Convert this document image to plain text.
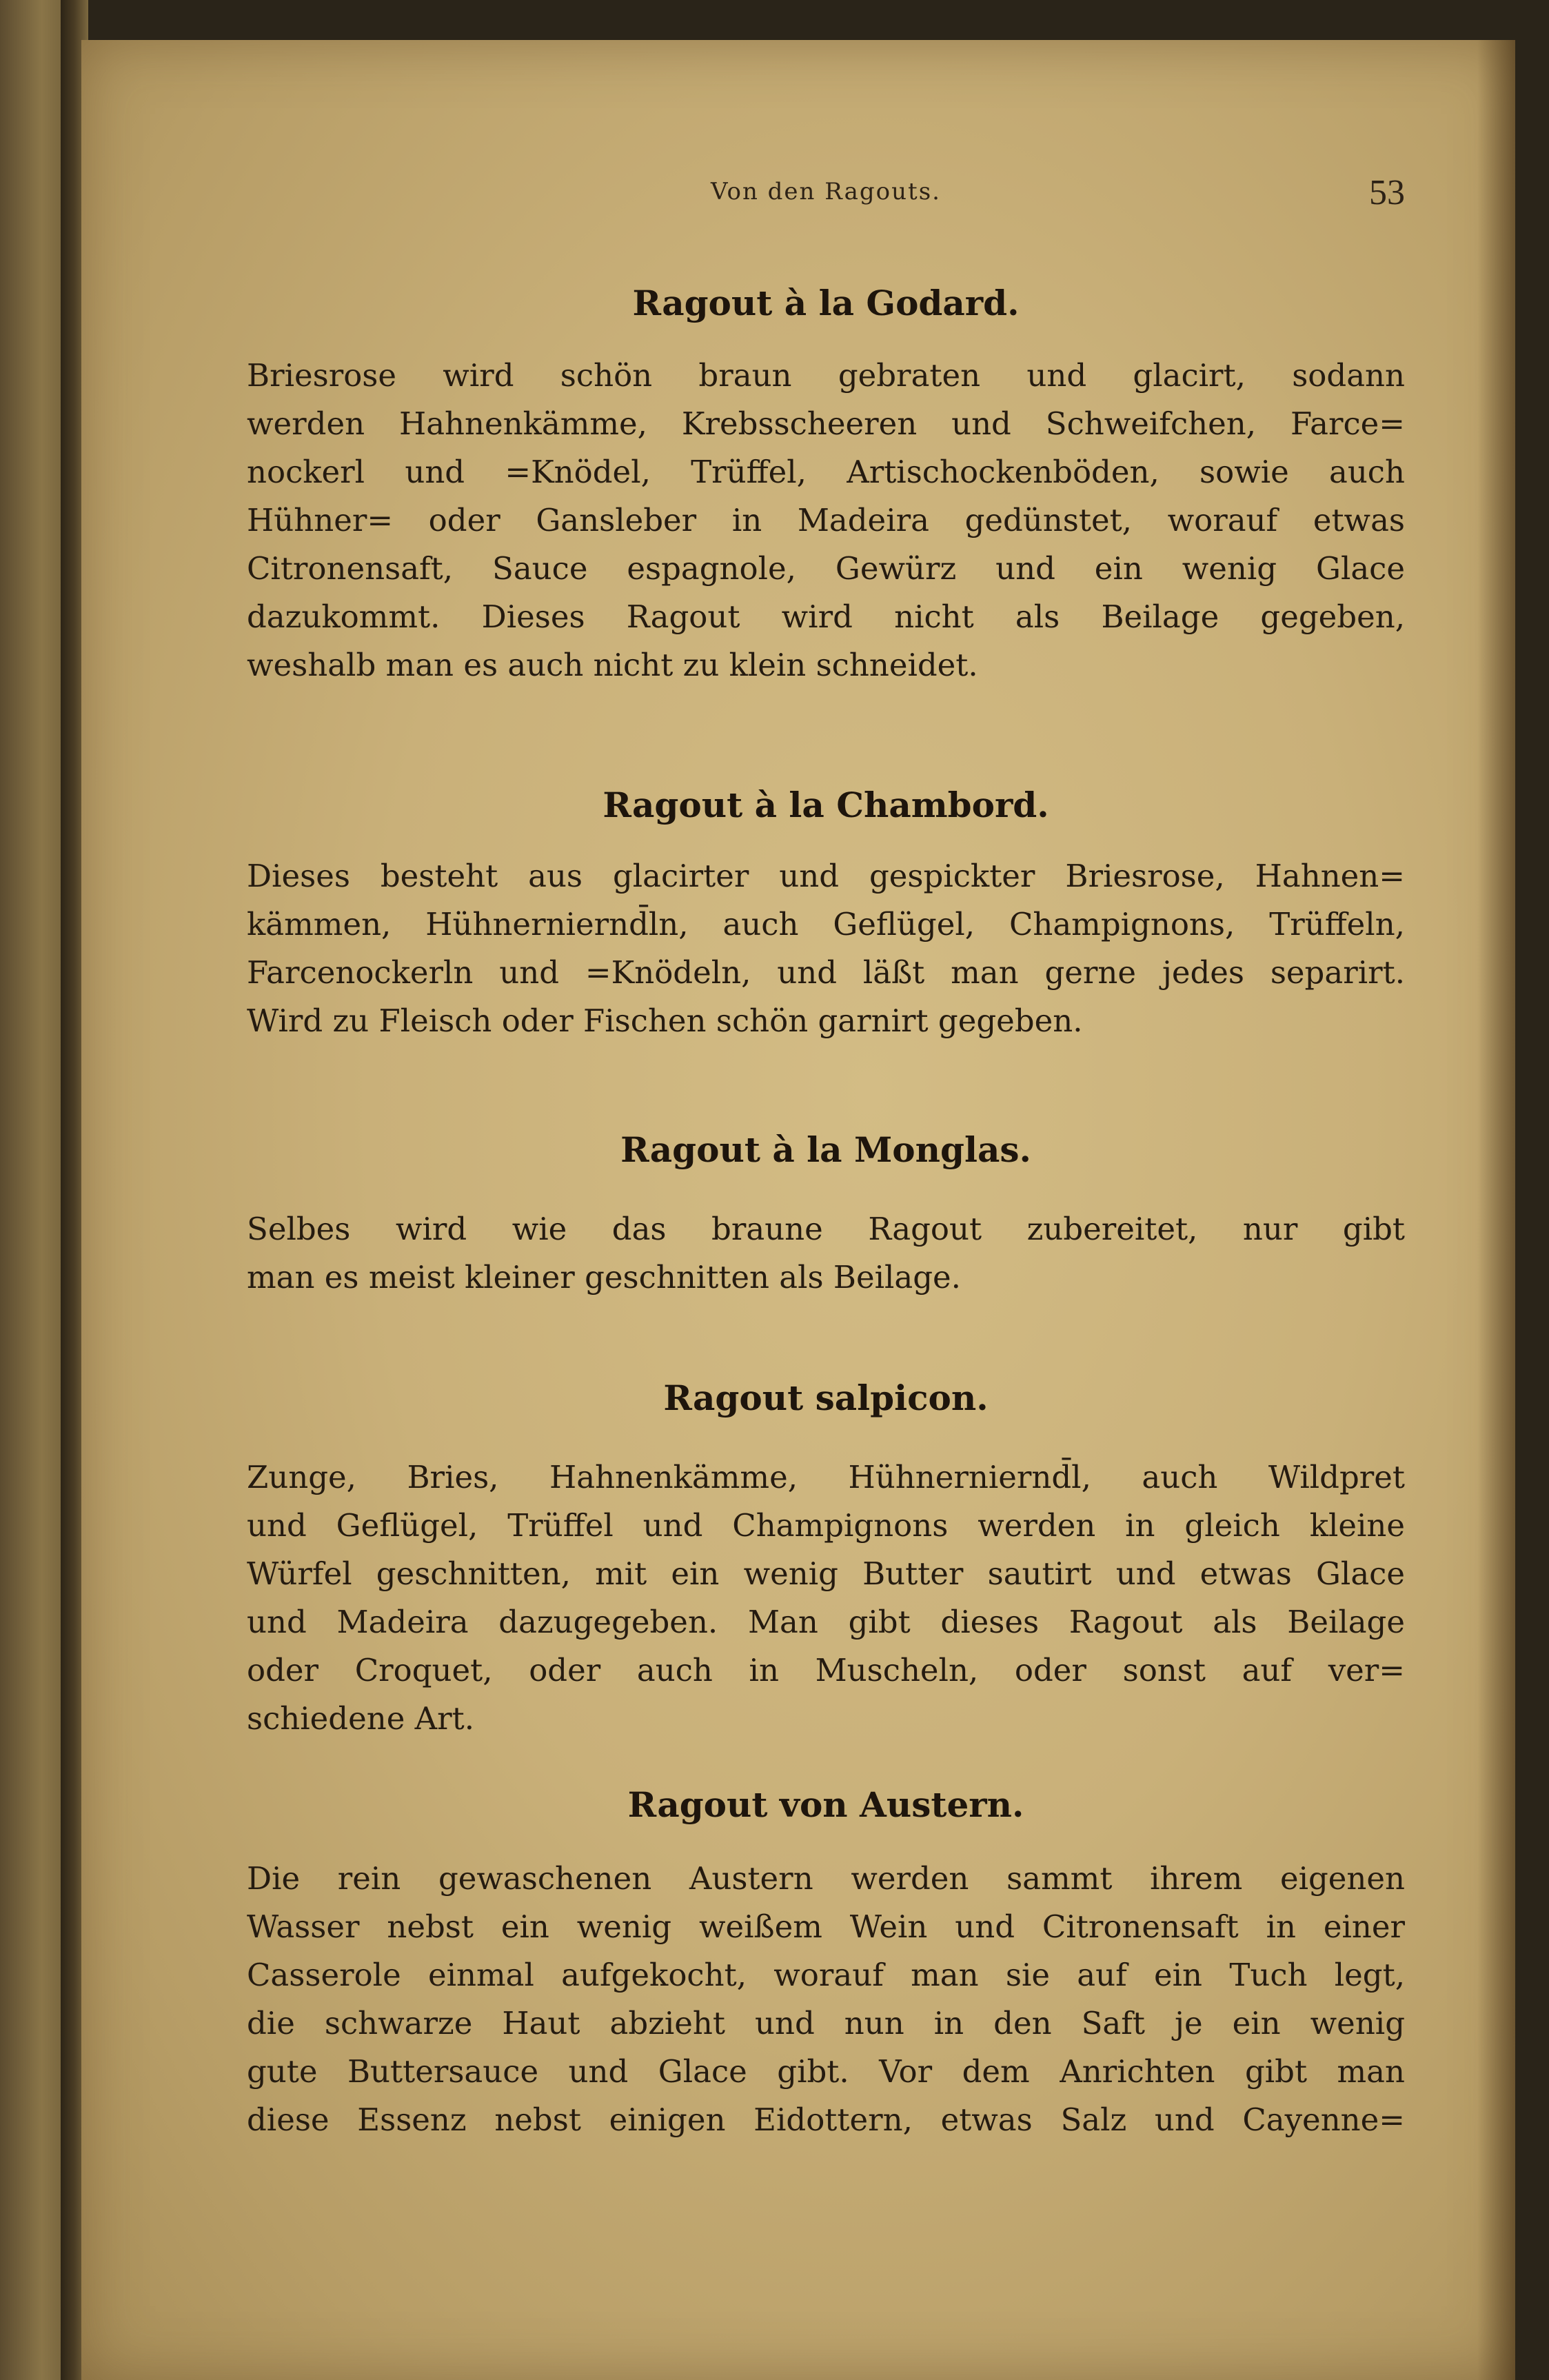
Von den Ragouts.	53
Ragout à la Godard.
Briesrose wird schön braun gebraten und glacirt, sodann
werden Hahnenkämme, Krebsscheeren und Schweifchen, Farce=
nockerl und =Knödel, Trüffel, Artischockenböden, sowie auch
Hühner= oder Gansleber in Madeira gedünstet, worauf etwas
Citronensaft, Sauce espagnole, Gewürz und ein wenig Glace
dazukommt. Dieses Ragout wird nicht als Beilage gegeben,
weshalb man es auch nicht zu klein schneidet.
Ragout à la Chambord.
Dieses besteht aus glacirter und gespickter Briesrose, Hahnen=
kämmen, Hühnerniernd̄ln, auch Geflügel, Champignons, Trüffeln,
Farcenockerln und =Knödeln, und läßt man gerne jedes separirt.
Wird zu Fleisch oder Fischen schön garnirt gegeben.
Ragout à la Monglas.
Selbes wird wie das braune Ragout zubereitet, nur gibt
man es meist kleiner geschnitten als Beilage.
Ragout salpicon.
Zunge, Bries, Hahnenkämme, Hühnerniernd̄l, auch Wildpret
und Geflügel, Trüffel und Champignons werden in gleich kleine
Würfel geschnitten, mit ein wenig Butter sautirt und etwas Glace
und Madeira dazugegeben. Man gibt dieses Ragout als Beilage
oder Croquet, oder auch in Muscheln, oder sonst auf ver=
schiedene Art.
Ragout von Austern.
Die rein gewaschenen Austern werden sammt ihrem eigenen
Wasser nebst ein wenig weißem Wein und Citronensaft in einer
Casserole einmal aufgekocht, worauf man sie auf ein Tuch legt,
die schwarze Haut abzieht und nun in den Saft je ein wenig
gute Buttersauce und Glace gibt. Vor dem Anrichten gibt man
diese Essenz nebst einigen Eidottern, etwas Salz und Cayenne=
